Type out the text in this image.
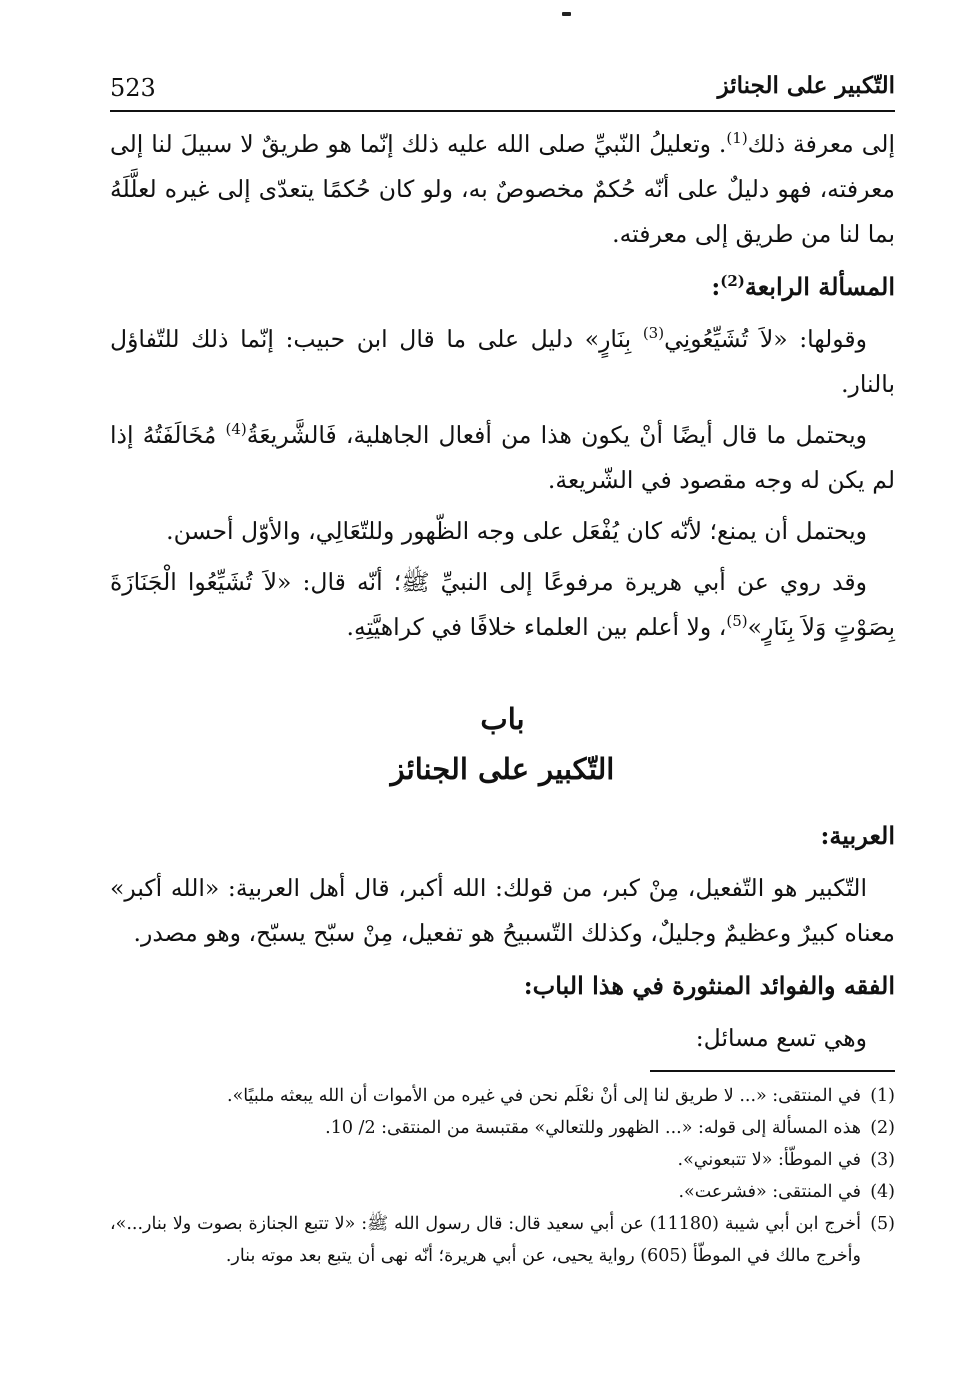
523	التّكبير على الجنائز

إلى معرفة ذلك$^{(1)}$. وتعليلُ النّبيِّ صلى الله عليه ذلك إنّما هو طريقٌ لا سبيلَ لنا إلى معرفته، فهو دليلٌ على أنّه حُكمٌ مخصوصٌ به، ولو كان حُكمًا يتعدّى إلى غيره لعلَّلَهُ بما لنا من طريق إلى معرفته.

المسألة الرابعة$^{(2)}$:

وقولها: «لاَ تُشَيِّعُونِي$^{(3)}$ بِنَارٍ» دليل على ما قال ابن حبيب: إنّما ذلك للتّفاؤل بالنار.

ويحتمل ما قال أيضًا أنْ يكون هذا من أفعال الجاهلية، فَالشَّريعَةُ$^{(4)}$ مُخَالَفَتُهُ إذا لم يكن له وجه مقصود في الشّريعة.

ويحتمل أن يمنع؛ لأنّه كان يُفْعَل على وجه الظّهور وللتّعَالِي، والأوّل أحسن.

وقد روي عن أبي هريرة مرفوعًا إلى النبيِّ ﷺ؛ أنّه قال: «لاَ تُشَيِّعُوا الْجَنَازَةَ بِصَوْتٍ وَلاَ بِنَارٍ»$^{(5)}$، ولا أعلم بين العلماء خلافًا في كراهيَّتِهِ.

باب

التّكبير على الجنائز

العربية:

التّكبير هو التّفعيل، مِنْ كبر، من قولك: الله أكبر، قال أهل العربية: «الله أكبر» معناه كبيرٌ وعظيمٌ وجليلٌ، وكذلك التّسبيحُ هو تفعيل، مِنْ سبّح يسبّح، وهو مصدر.

الفقه والفوائد المنثورة في هذا الباب:

وهي تسع مسائل:

(1)
في المنتقى: «... لا طريق لنا إلى أنْ نعْلَم نحن في غيره من الأموات أن الله يبعثه ملبيًا».
(2)
هذه المسألة إلى قوله: «... الظهور وللتعالي» مقتبسة من المنتقى: 2/ 10.
(3)
في الموطّأ: «لا تتبعوني».
(4)
في المنتقى: «فشرعت».
(5)
أخرج ابن أبي شيبة (11180) عن أبي سعيد قال: قال رسول الله ﷺ: «لا تتبع الجنازة بصوت ولا بنار...»، وأخرج مالك في الموطّأ (605) رواية يحيى، عن أبي هريرة؛ أنّه نهى أن يتبع بعد موته بنار.
